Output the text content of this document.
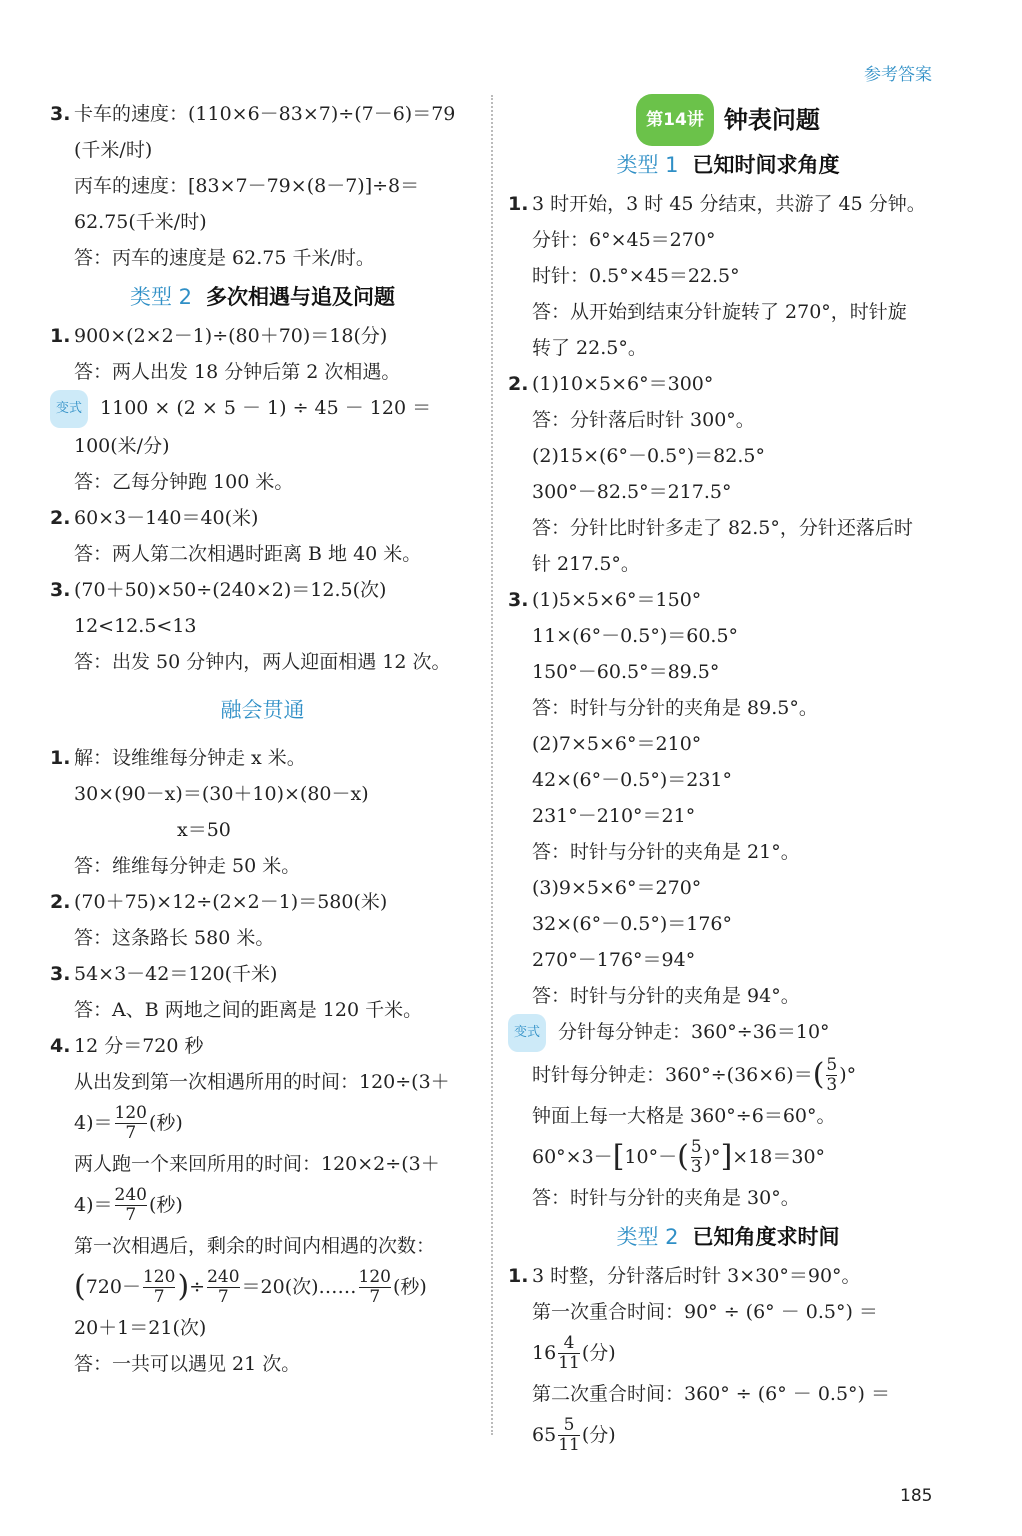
参考答案
3. 卡车的速度：(110×6－83×7)÷(7－6)＝79
(千米/时)
丙车的速度：[83×7－79×(8－7)]÷8＝
62.75(千米/时)
答：丙车的速度是 62.75 千米/时。
类型 2 多次相遇与追及问题
1. 900×(2×2－1)÷(80＋70)＝18(分)
答：两人出发 18 分钟后第 2 次相遇。
变式 1100 × (2 × 5 － 1) ÷ 45 － 120 ＝
100(米/分)
答：乙每分钟跑 100 米。
2. 60×3－140＝40(米)
答：两人第二次相遇时距离 B 地 40 米。
3. (70＋50)×50÷(240×2)＝12.5(次)
12<12.5<13
答：出发 50 分钟内，两人迎面相遇 12 次。
融会贯通
1. 解：设维维每分钟走 x 米。
30×(90－x)＝(30＋10)×(80－x)
x＝50
答：维维每分钟走 50 米。
2. (70＋75)×12÷(2×2－1)＝580(米)
答：这条路长 580 米。
3. 54×3－42＝120(千米)
答：A、B 两地之间的距离是 120 千米。
4. 12 分＝720 秒
从出发到第一次相遇所用的时间：120÷(3＋
$4)= \frac{120}{7}$ (秒)
两人跑一个来回所用的时间：120×2÷(3＋
$4)= \frac{240}{7}$ (秒)
第一次相遇后，剩余的时间内相遇的次数：
( $720- \frac{120}{7}$ ) ÷ $\frac{240}{7} =20$(次)…… $\frac{120}{7}$ (秒)
20＋1＝21(次)
答：一共可以遇见 21 次。
第14讲 钟表问题
类型 1 已知时间求角度
1. 3 时开始，3 时 45 分结束，共游了 45 分钟。
分针：6°×45＝270°
时针：0.5°×45＝22.5°
答：从开始到结束分针旋转了 270°，时针旋
转了 22.5°。
2. (1)10×5×6°＝300°
答：分针落后时针 300°。
(2)15×(6°－0.5°)＝82.5°
300°－82.5°＝217.5°
答：分针比时针多走了 82.5°，分针还落后时
针 217.5°。
3. (1)5×5×6°＝150°
11×(6°－0.5°)＝60.5°
150°－60.5°＝89.5°
答：时针与分针的夹角是 89.5°。
(2)7×5×6°＝210°
42×(6°－0.5°)＝231°
231°－210°＝21°
答：时针与分针的夹角是 21°。
(3)9×5×6°＝270°
32×(6°－0.5°)＝176°
270°－176°＝94°
答：时针与分针的夹角是 94°。
变式 分针每分钟走：360°÷36＝10°
时针每分钟走：360°÷(36×6)＝ ( $\frac{5}{3}$ )°
钟面上每一大格是 360°÷6＝60°。
60°×3－ [ 10°－ ( $\frac{5}{3}$ )° ] ×18＝30°
答：时针与分针的夹角是 30°。
类型 2 已知角度求时间
1. 3 时整，分针落后时针 3×30°＝90°。
第一次重合时间：90° ÷ (6° － 0.5°) ＝
$16 \frac{4}{11}$ (分)
第二次重合时间：360° ÷ (6° － 0.5°) ＝
$65 \frac{5}{11}$ (分)
185
